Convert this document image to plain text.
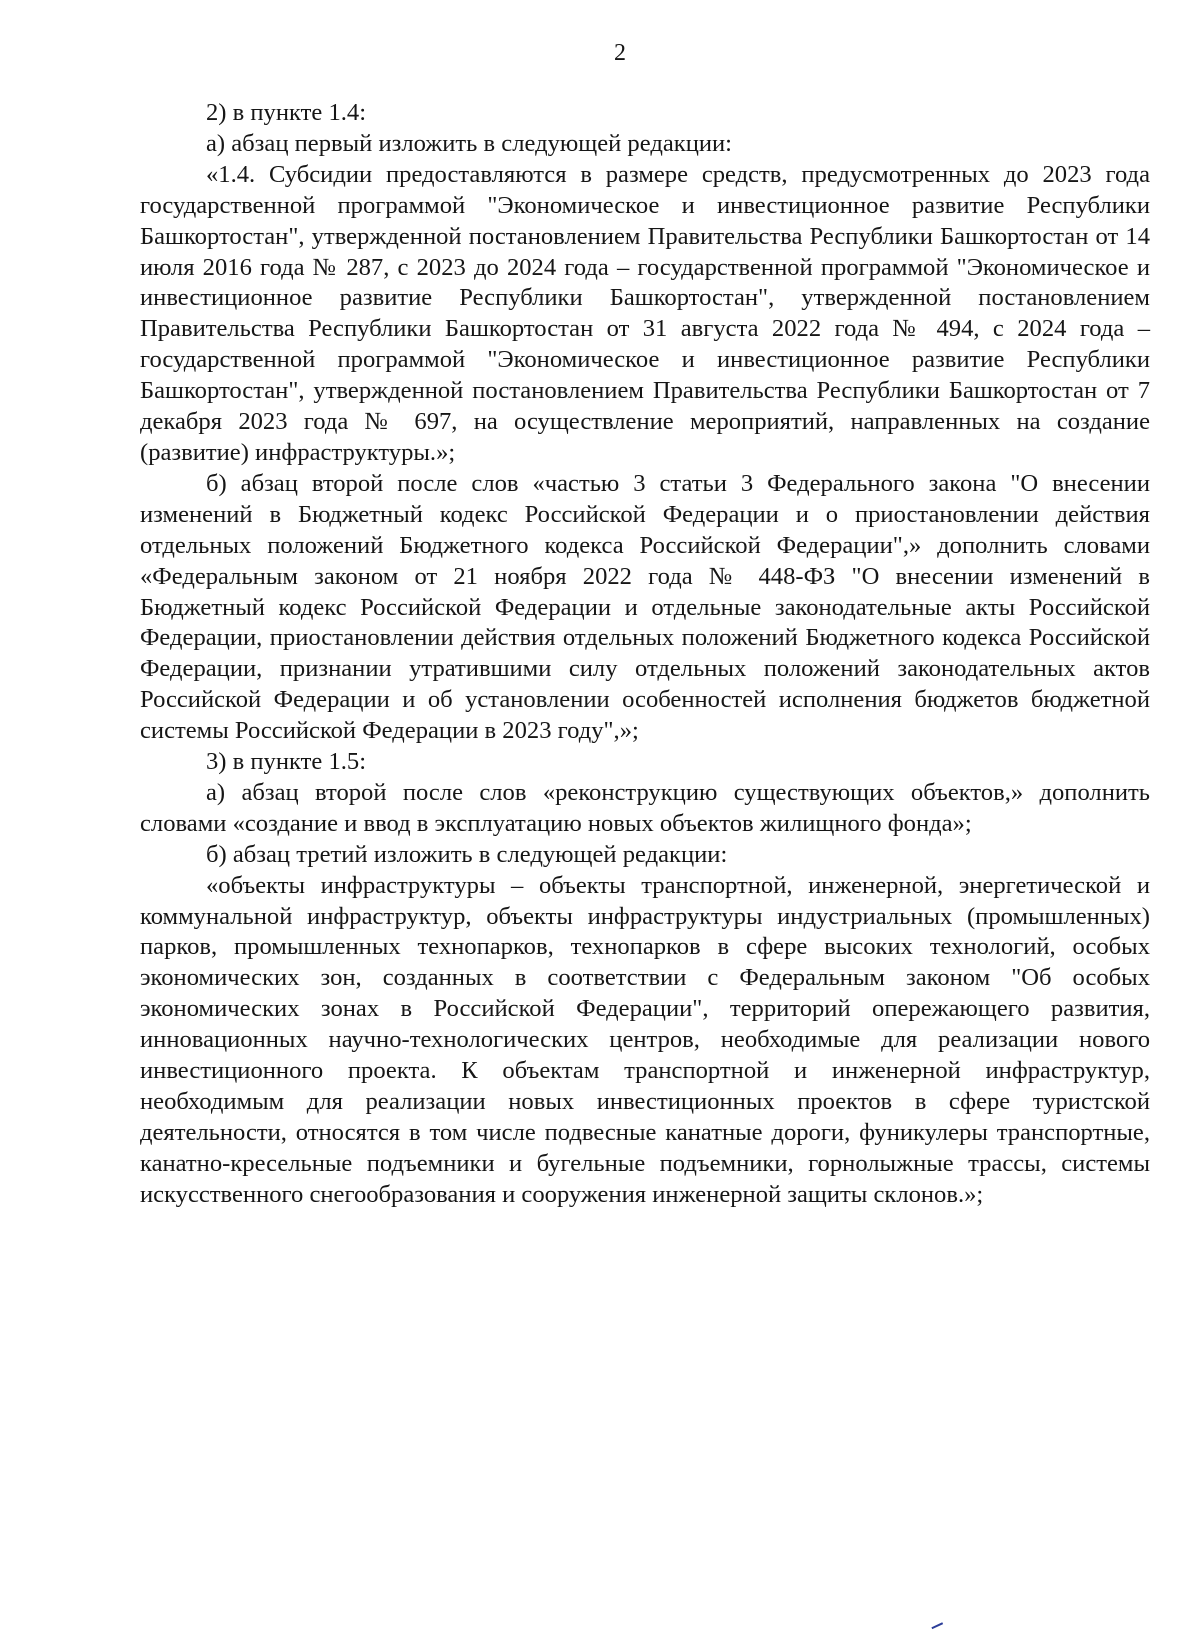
2

2) в пункте 1.4:

а) абзац первый изложить в следующей редакции:

«1.4. Субсидии предоставляются в размере средств, предусмотренных до 2023 года государственной программой "Экономическое и инвестиционное развитие Республики Башкортостан", утвержденной постановлением Правительства Республики Башкортостан от 14 июля 2016 года № 287, с 2023 до 2024 года – государственной программой "Экономическое и инвестиционное развитие Республики Башкортостан", утвержденной постановлением Правительства Республики Башкортостан от 31 августа 2022 года № 494, с 2024 года – государственной программой "Экономическое и инвестиционное развитие Республики Башкортостан", утвержденной постановлением Правительства Республики Башкортостан от 7 декабря 2023 года № 697, на осуществление мероприятий, направленных на создание (развитие) инфраструктуры.»;

б) абзац второй после слов «частью 3 статьи 3 Федерального закона "О внесении изменений в Бюджетный кодекс Российской Федерации и о приостановлении действия отдельных положений Бюджетного кодекса Российской Федерации",» дополнить словами «Федеральным законом от 21 ноября 2022 года № 448-ФЗ "О внесении изменений в Бюджетный кодекс Российской Федерации и отдельные законодательные акты Российской Федерации, приостановлении действия отдельных положений Бюджетного кодекса Российской Федерации, признании утратившими силу отдельных положений законодательных актов Российской Федерации и об установлении особенностей исполнения бюджетов бюджетной системы Российской Федерации в 2023 году",»;

3) в пункте 1.5:

а) абзац второй после слов «реконструкцию существующих объектов,» дополнить словами «создание и ввод в эксплуатацию новых объектов жилищного фонда»;

б) абзац третий изложить в следующей редакции:

«объекты инфраструктуры – объекты транспортной, инженерной, энергетической и коммунальной инфраструктур, объекты инфраструктуры индустриальных (промышленных) парков, промышленных технопарков, технопарков в сфере высоких технологий, особых экономических зон, созданных в соответствии с Федеральным законом "Об особых экономических зонах в Российской Федерации", территорий опережающего развития, инновационных научно-технологических центров, необходимые для реализации нового инвестиционного проекта. К объектам транспортной и инженерной инфраструктур, необходимым для реализации новых инвестиционных проектов в сфере туристской деятельности, относятся в том числе подвесные канатные дороги, фуникулеры транспортные, канатно-кресельные подъемники и бугельные подъемники, горнолыжные трассы, системы искусственного снегообразования и сооружения инженерной защиты склонов.»;
